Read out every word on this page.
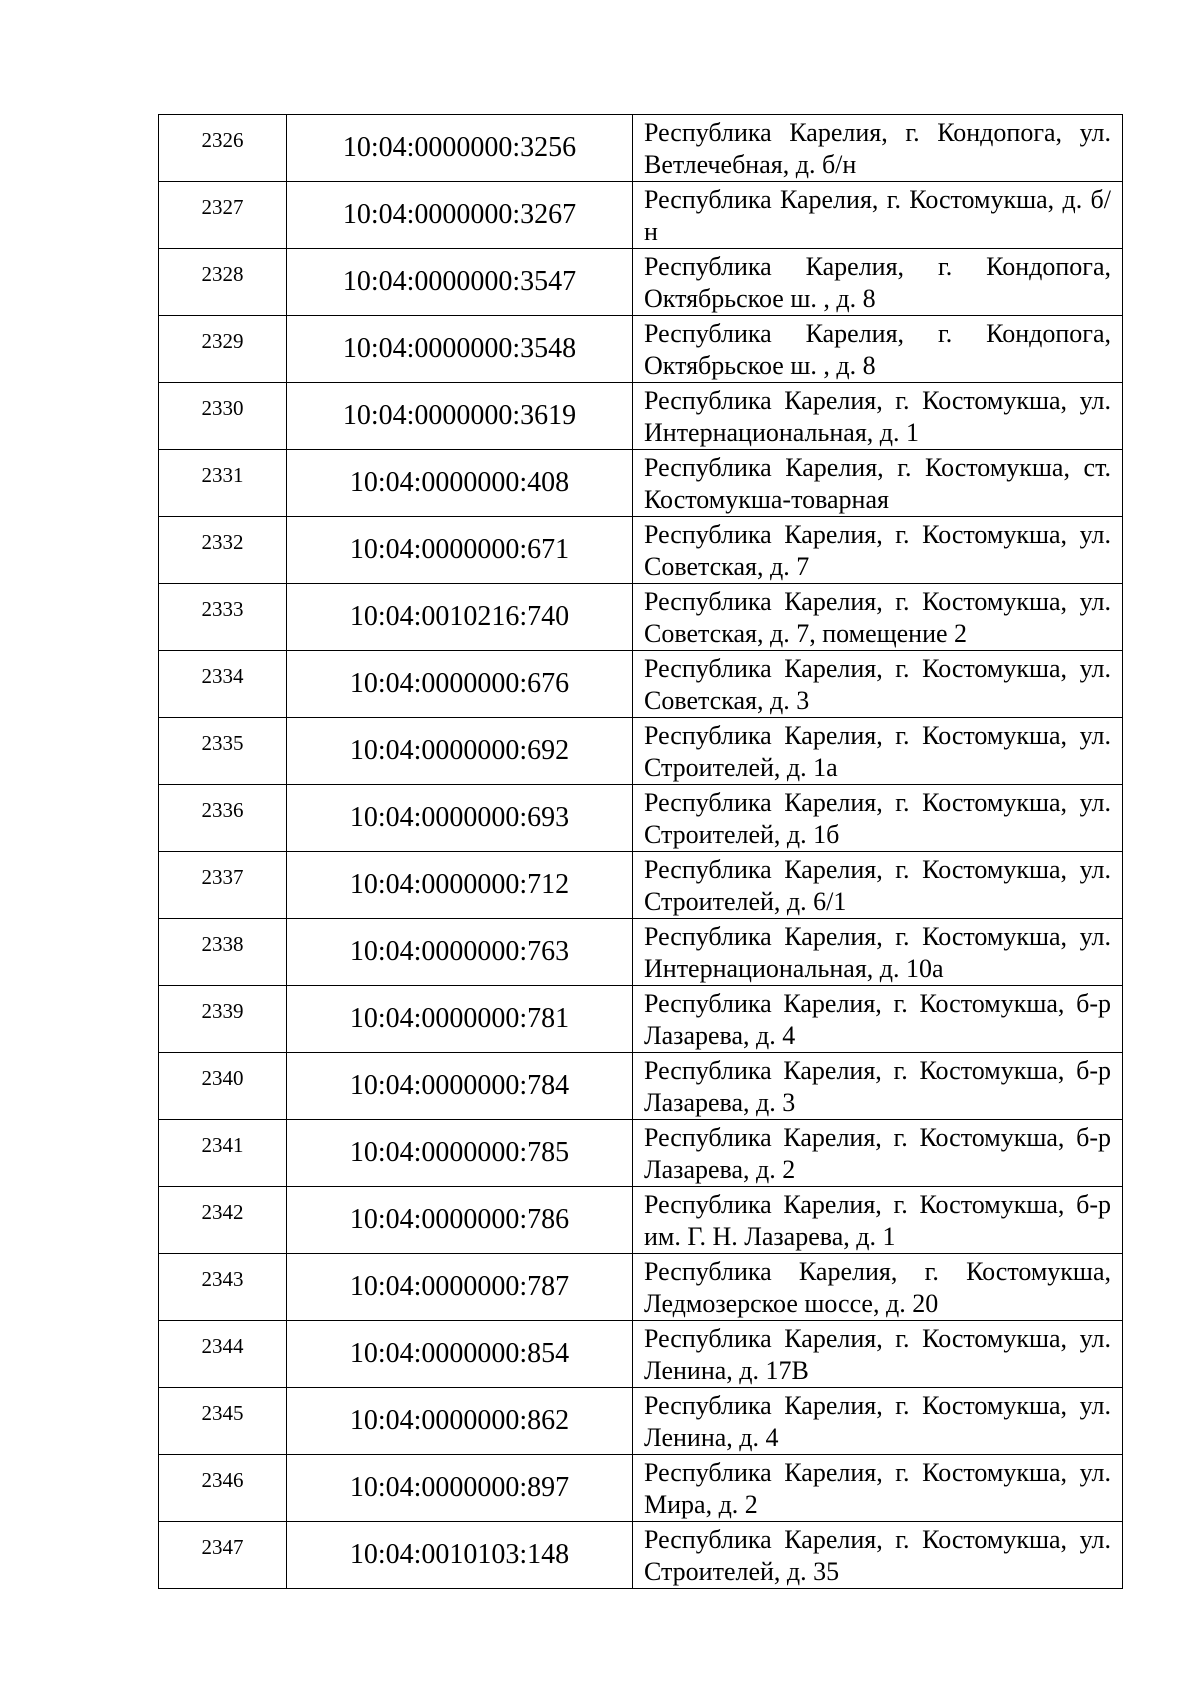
2326	10:04:0000000:3256	Республика Карелия, г. Кондопога, ул. Ветлечебная, д. б/н
2327	10:04:0000000:3267	Республика Карелия, г. Костомукша, д. б/н
2328	10:04:0000000:3547	Республика Карелия, г. Кондопога, Октябрьское ш. , д. 8
2329	10:04:0000000:3548	Республика Карелия, г. Кондопога, Октябрьское ш. , д. 8
2330	10:04:0000000:3619	Республика Карелия, г. Костомукша, ул. Интернациональная, д. 1
2331	10:04:0000000:408	Республика Карелия, г. Костомукша, ст. Костомукша-товарная
2332	10:04:0000000:671	Республика Карелия, г. Костомукша, ул. Советская, д. 7
2333	10:04:0010216:740	Республика Карелия, г. Костомукша, ул. Советская, д. 7, помещение 2
2334	10:04:0000000:676	Республика Карелия, г. Костомукша, ул. Советская, д. 3
2335	10:04:0000000:692	Республика Карелия, г. Костомукша, ул. Строителей, д. 1а
2336	10:04:0000000:693	Республика Карелия, г. Костомукша, ул. Строителей, д. 1б
2337	10:04:0000000:712	Республика Карелия, г. Костомукша, ул. Строителей, д. 6/1
2338	10:04:0000000:763	Республика Карелия, г. Костомукша, ул. Интернациональная, д. 10а
2339	10:04:0000000:781	Республика Карелия, г. Костомукша, б-р Лазарева, д. 4
2340	10:04:0000000:784	Республика Карелия, г. Костомукша, б-р Лазарева, д. 3
2341	10:04:0000000:785	Республика Карелия, г. Костомукша, б-р Лазарева, д. 2
2342	10:04:0000000:786	Республика Карелия, г. Костомукша, б-р им. Г. Н. Лазарева, д. 1
2343	10:04:0000000:787	Республика Карелия, г. Костомукша, Ледмозерское шоссе, д. 20
2344	10:04:0000000:854	Республика Карелия, г. Костомукша, ул. Ленина, д. 17В
2345	10:04:0000000:862	Республика Карелия, г. Костомукша, ул. Ленина, д. 4
2346	10:04:0000000:897	Республика Карелия, г. Костомукша, ул. Мира, д. 2
2347	10:04:0010103:148	Республика Карелия, г. Костомукша, ул. Строителей, д. 35
